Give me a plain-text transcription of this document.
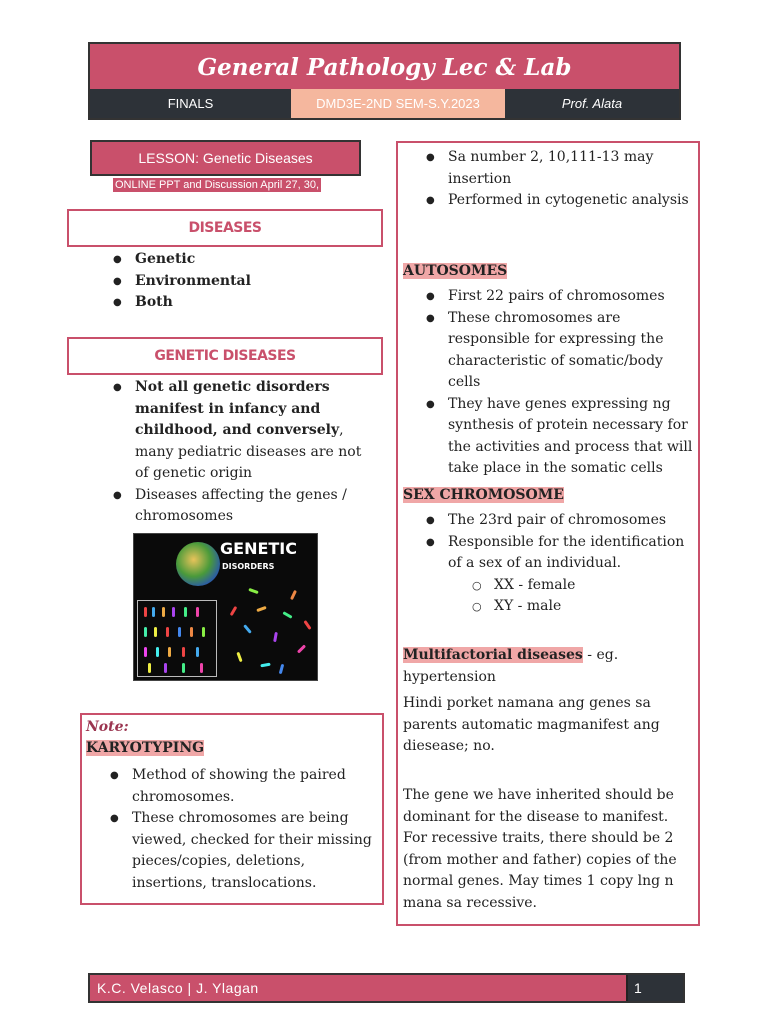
General Pathology Lec & Lab
FINALS	DMD3E-2ND SEM-S.Y.2023	Prof. Alata
LESSON: Genetic Diseases
ONLINE PPT and Discussion April 27, 30,
DISEASES
● Genetic
● Environmental
● Both
GENETIC DISEASES
● Not all genetic disorders manifest in infancy and childhood, and conversely, many pediatric diseases are not of genetic origin
● Diseases affecting the genes / chromosomes
GENETIC
DISORDERS
Note:
KARYOTYPING
● Method of showing the paired chromosomes.
● These chromosomes are being viewed, checked for their missing pieces/copies, deletions, insertions, translocations.
● Sa number 2, 10,111-13 may insertion
● Performed in cytogenetic analysis
AUTOSOMES
● First 22 pairs of chromosomes
● These chromosomes are responsible for expressing the characteristic of somatic/body cells
● They have genes expressing ng synthesis of protein necessary for the activities and process that will take place in the somatic cells
SEX CHROMOSOME
● The 23rd pair of chromosomes
● Responsible for the identification of a sex of an individual.
○ XX - female
○ XY - male
Multifactorial diseases - eg. hypertension
Hindi porket namana ang genes sa parents automatic magmanifest ang diesease; no.
The gene we have inherited should be dominant for the disease to manifest. For recessive traits, there should be 2 (from mother and father) copies of the normal genes. May times 1 copy lng n mana sa recessive.
K.C. Velasco | J. Ylagan	1
